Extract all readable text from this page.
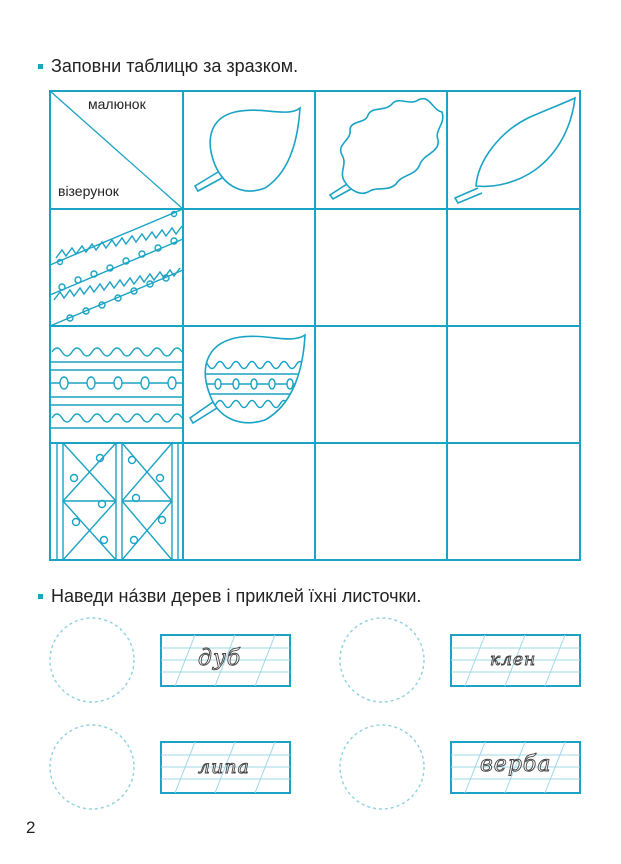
Заповни таблицю за зразком.
малюнок
візерунок
Наведи нáзви дерев і приклей їхні листочки.
дуб	клен
липа	верба
2
